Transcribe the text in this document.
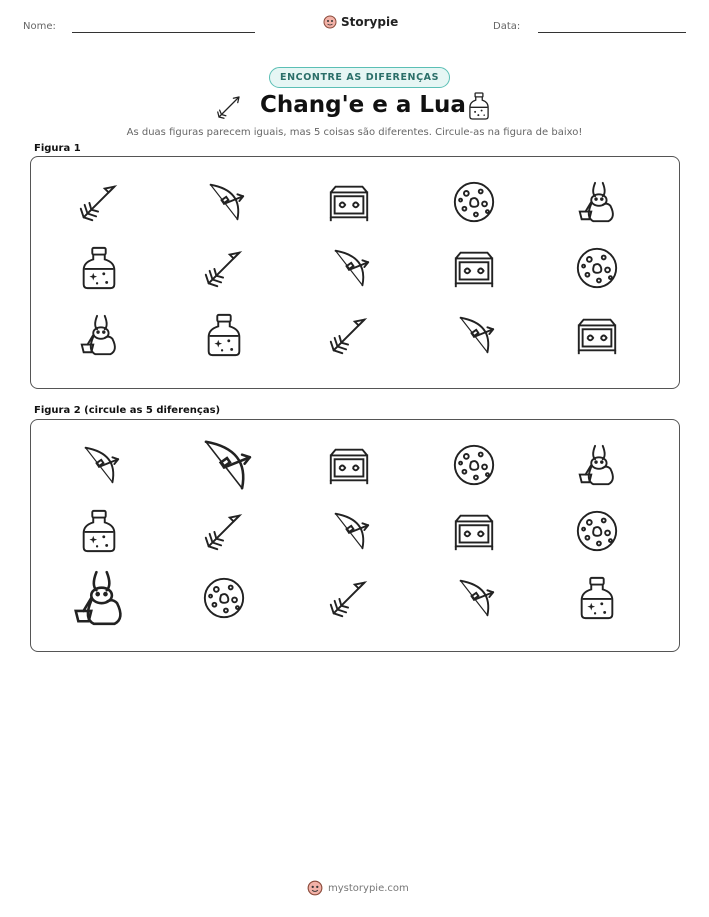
Nome:	Storypie	Data:
ENCONTRE AS DIFERENÇAS
Chang'e e a Lua
As duas figuras parecem iguais, mas 5 coisas são diferentes. Circule-as na figura de baixo!
Figura 1
Figura 2 (circule as 5 diferenças)
mystorypie.com
